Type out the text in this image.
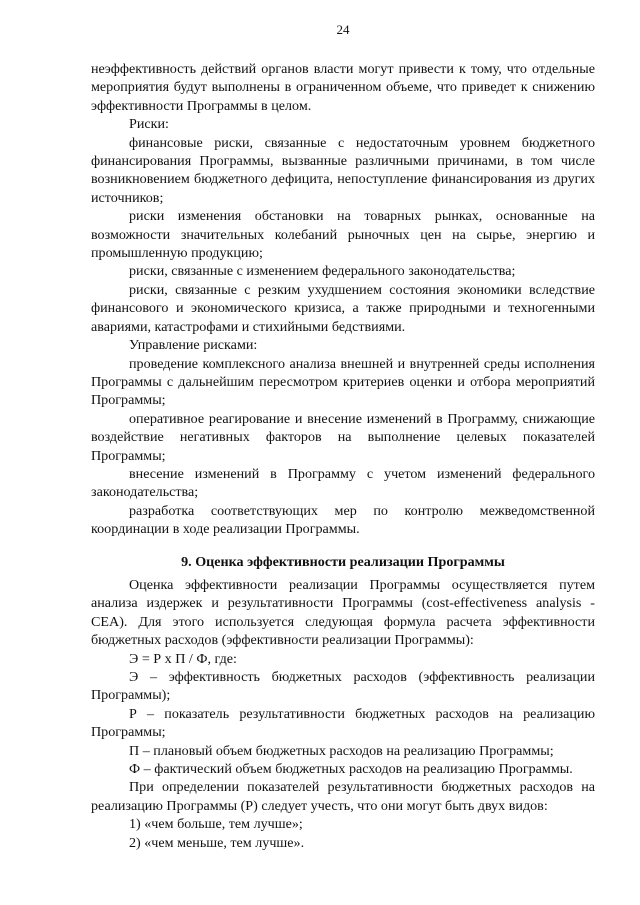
24

неэффективность действий органов власти могут привести к тому, что отдельные мероприятия будут выполнены в ограниченном объеме, что приведет к снижению эффективности Программы в целом.

Риски:

финансовые риски, связанные с недостаточным уровнем бюджетного финансирования Программы, вызванные различными причинами, в том числе возникновением бюджетного дефицита, непоступление финансирования из других источников;

риски изменения обстановки на товарных рынках, основанные на возможности значительных колебаний рыночных цен на сырье, энергию и промышленную продукцию;

риски, связанные с изменением федерального законодательства;

риски, связанные с резким ухудшением состояния экономики вследствие финансового и экономического кризиса, а также природными и техногенными авариями, катастрофами и стихийными бедствиями.

Управление рисками:

проведение комплексного анализа внешней и внутренней среды исполнения Программы с дальнейшим пересмотром критериев оценки и отбора мероприятий Программы;

оперативное реагирование и внесение изменений в Программу, снижающие воздействие негативных факторов на выполнение целевых показателей Программы;

внесение изменений в Программу с учетом изменений федерального законодательства;

разработка соответствующих мер по контролю межведомственной координации в ходе реализации Программы.

9. Оценка эффективности реализации Программы

Оценка эффективности реализации Программы осуществляется путем анализа издержек и результативности Программы (cost-effectiveness analysis - CEA). Для этого используется следующая формула расчета эффективности бюджетных расходов (эффективности реализации Программы):

Э = Р х П / Ф, где:

Э – эффективность бюджетных расходов (эффективность реализации Программы);

Р – показатель результативности бюджетных расходов на реализацию Программы;

П – плановый объем бюджетных расходов на реализацию Программы;

Ф – фактический объем бюджетных расходов на реализацию Программы.

При определении показателей результативности бюджетных расходов на реализацию Программы (Р) следует учесть, что они могут быть двух видов:

1) «чем больше, тем лучше»;

2) «чем меньше, тем лучше».
